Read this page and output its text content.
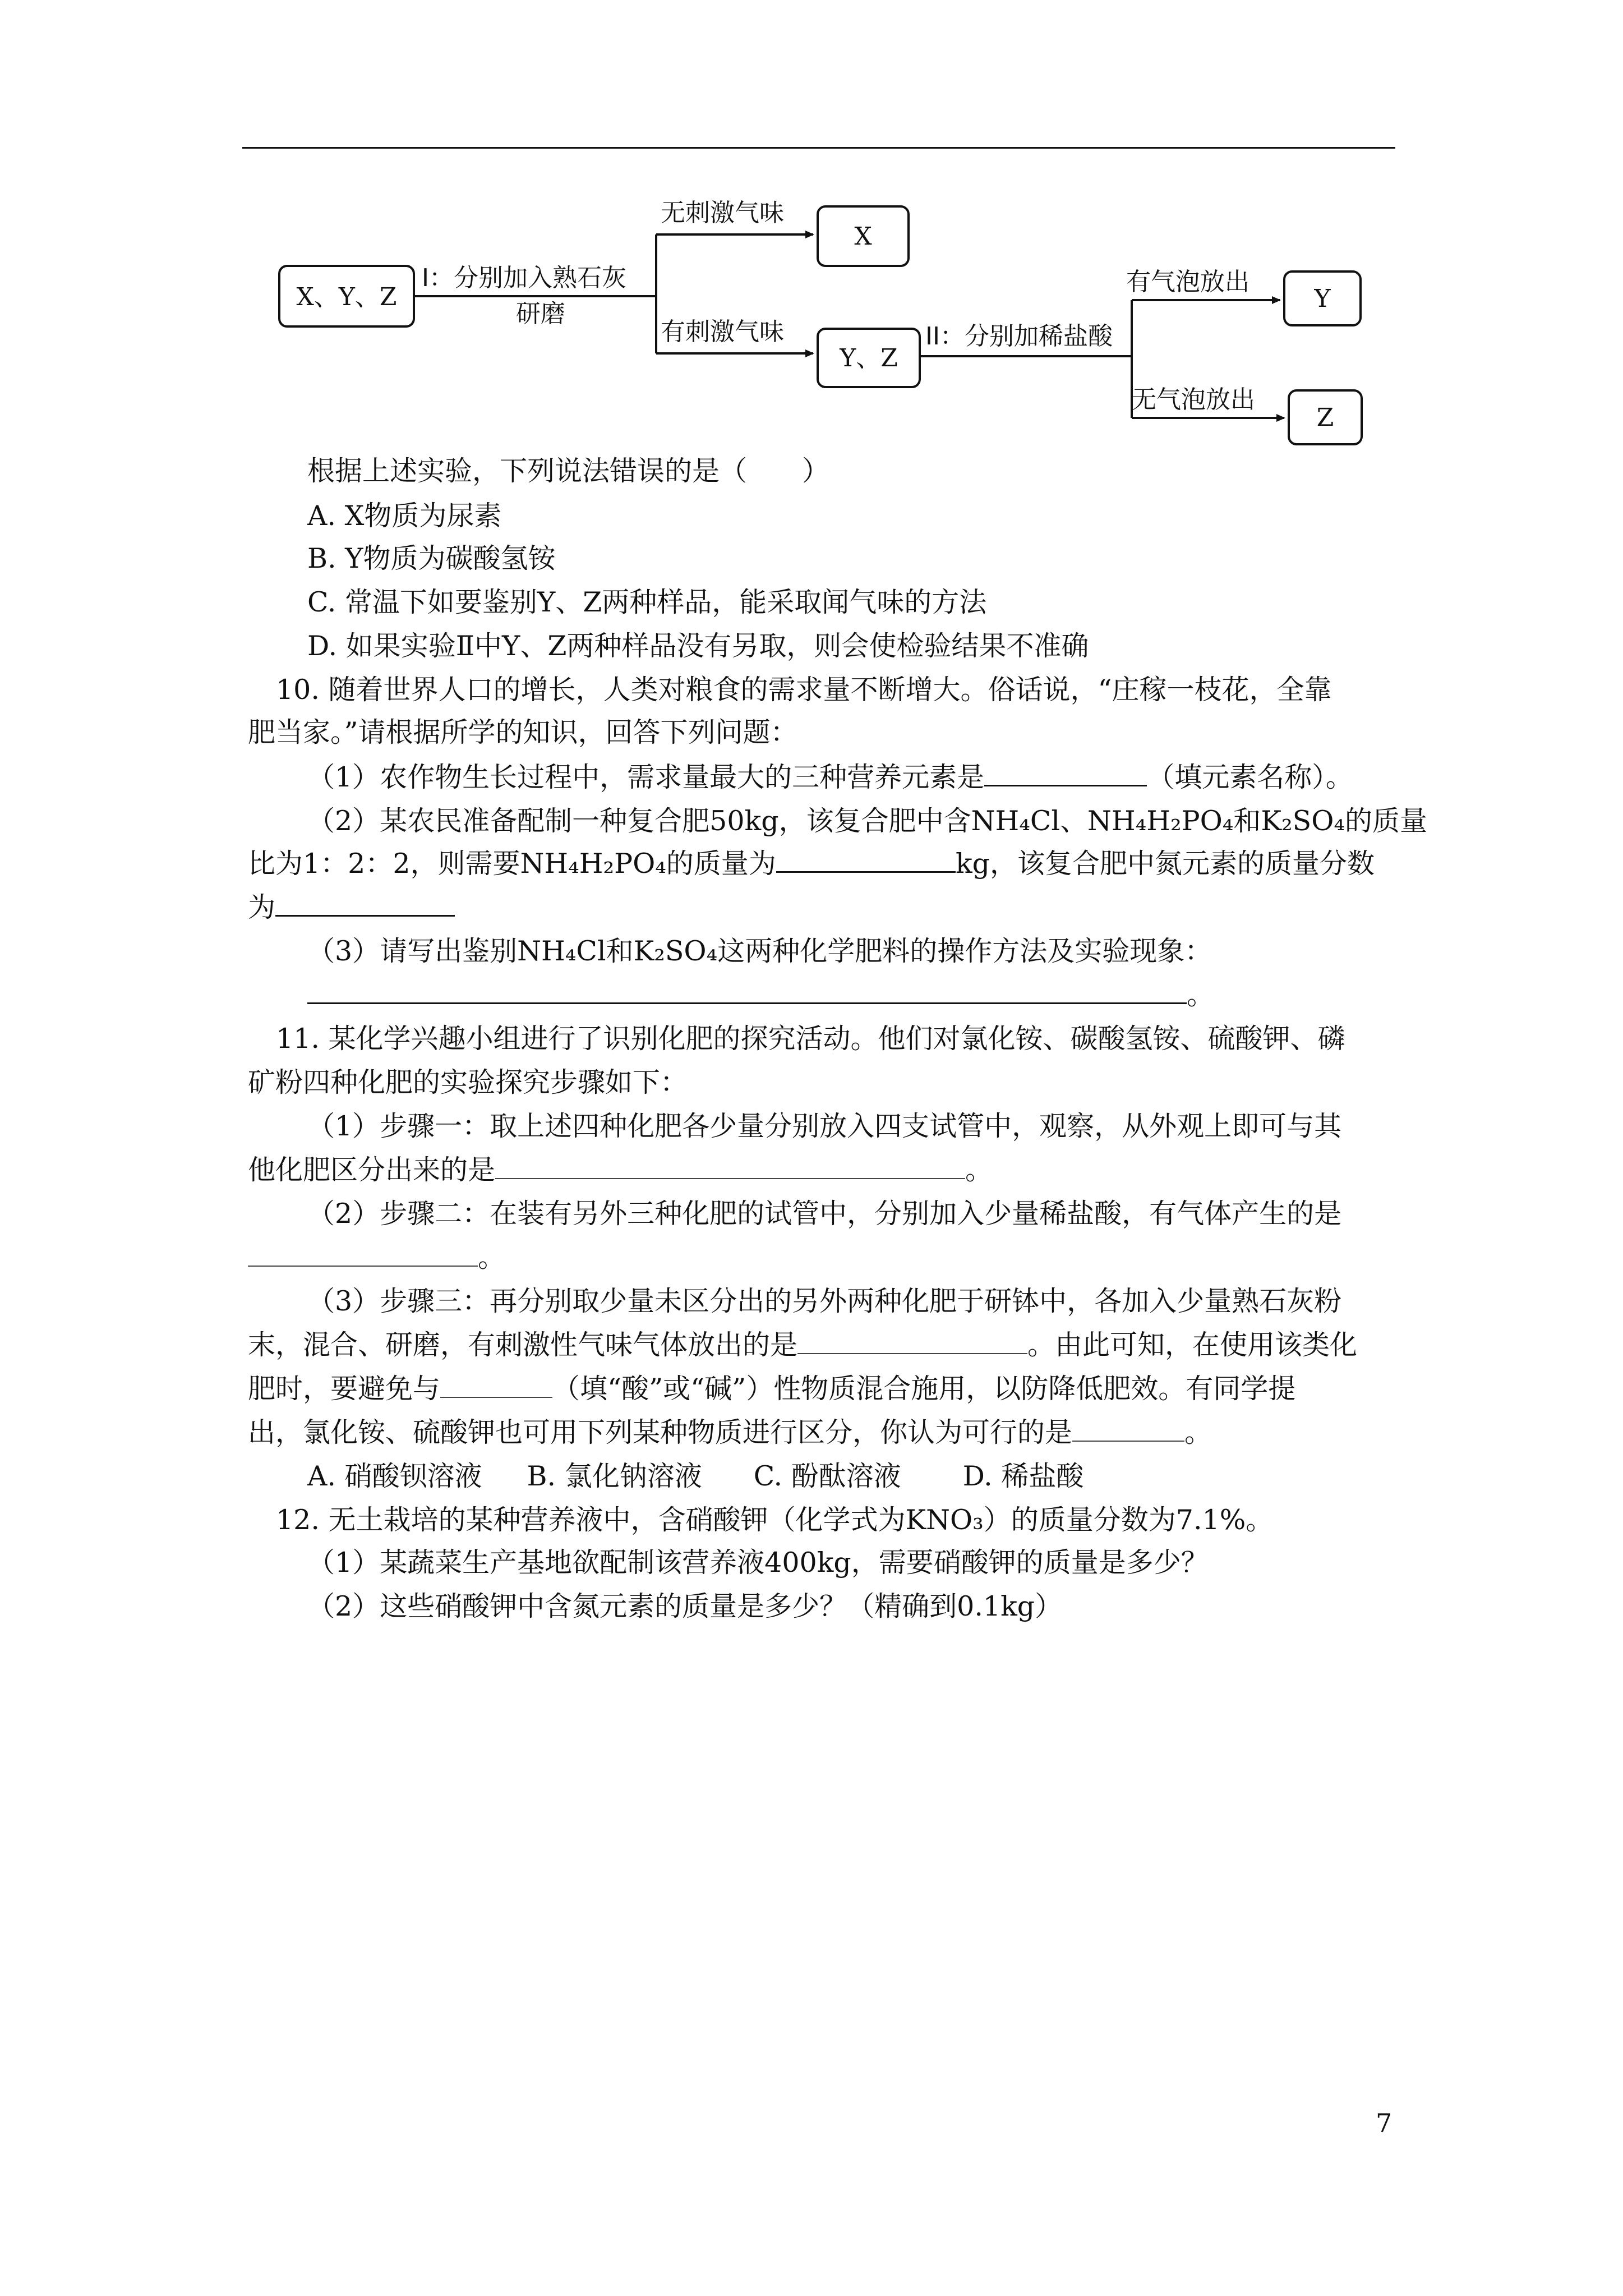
X、Y、Z
X
Y、Z
Y
Z
I：分别加入熟石灰
研磨
无刺激气味
有刺激气味	II：分别加稀盐酸
有气泡放出
无气泡放出
根据上述实验，下列说法错误的是（　　）
A. X物质为尿素
B. Y物质为碳酸氢铵
C. 常温下如要鉴别Y、Z两种样品，能采取闻气味的方法
D. 如果实验Ⅱ中Y、Z两种样品没有另取，则会使检验结果不准确
10. 随着世界人口的增长，人类对粮食的需求量不断增大。俗话说，“庄稼一枝花，全靠
肥当家。”请根据所学的知识，回答下列问题：
（1）农作物生长过程中，需求量最大的三种营养元素是	（填元素名称）。
（2）某农民准备配制一种复合肥50kg，该复合肥中含NH₄Cl、NH₄H₂PO₄和K₂SO₄的质量
比为1：2：2，则需要NH₄H₂PO₄的质量为	kg，该复合肥中氮元素的质量分数
为
（3）请写出鉴别NH₄Cl和K₂SO₄这两种化学肥料的操作方法及实验现象：
。
11. 某化学兴趣小组进行了识别化肥的探究活动。他们对氯化铵、碳酸氢铵、硫酸钾、磷
矿粉四种化肥的实验探究步骤如下：
（1）步骤一：取上述四种化肥各少量分别放入四支试管中，观察，从外观上即可与其
他化肥区分出来的是	。
（2）步骤二：在装有另外三种化肥的试管中，分别加入少量稀盐酸，有气体产生的是
。
（3）步骤三：再分别取少量未区分出的另外两种化肥于研钵中，各加入少量熟石灰粉
末，混合、研磨，有刺激性气味气体放出的是	。由此可知，在使用该类化
肥时，要避免与	（填“酸”或“碱”）性物质混合施用，以防降低肥效。有同学提
出，氯化铵、硫酸钾也可用下列某种物质进行区分，你认为可行的是	。
A. 硝酸钡溶液 B. 氯化钠溶液 C. 酚酞溶液 D. 稀盐酸
12. 无土栽培的某种营养液中，含硝酸钾（化学式为KNO₃）的质量分数为7.1%。
（1）某蔬菜生产基地欲配制该营养液400kg，需要硝酸钾的质量是多少？
（2）这些硝酸钾中含氮元素的质量是多少？（精确到0.1kg）
7
